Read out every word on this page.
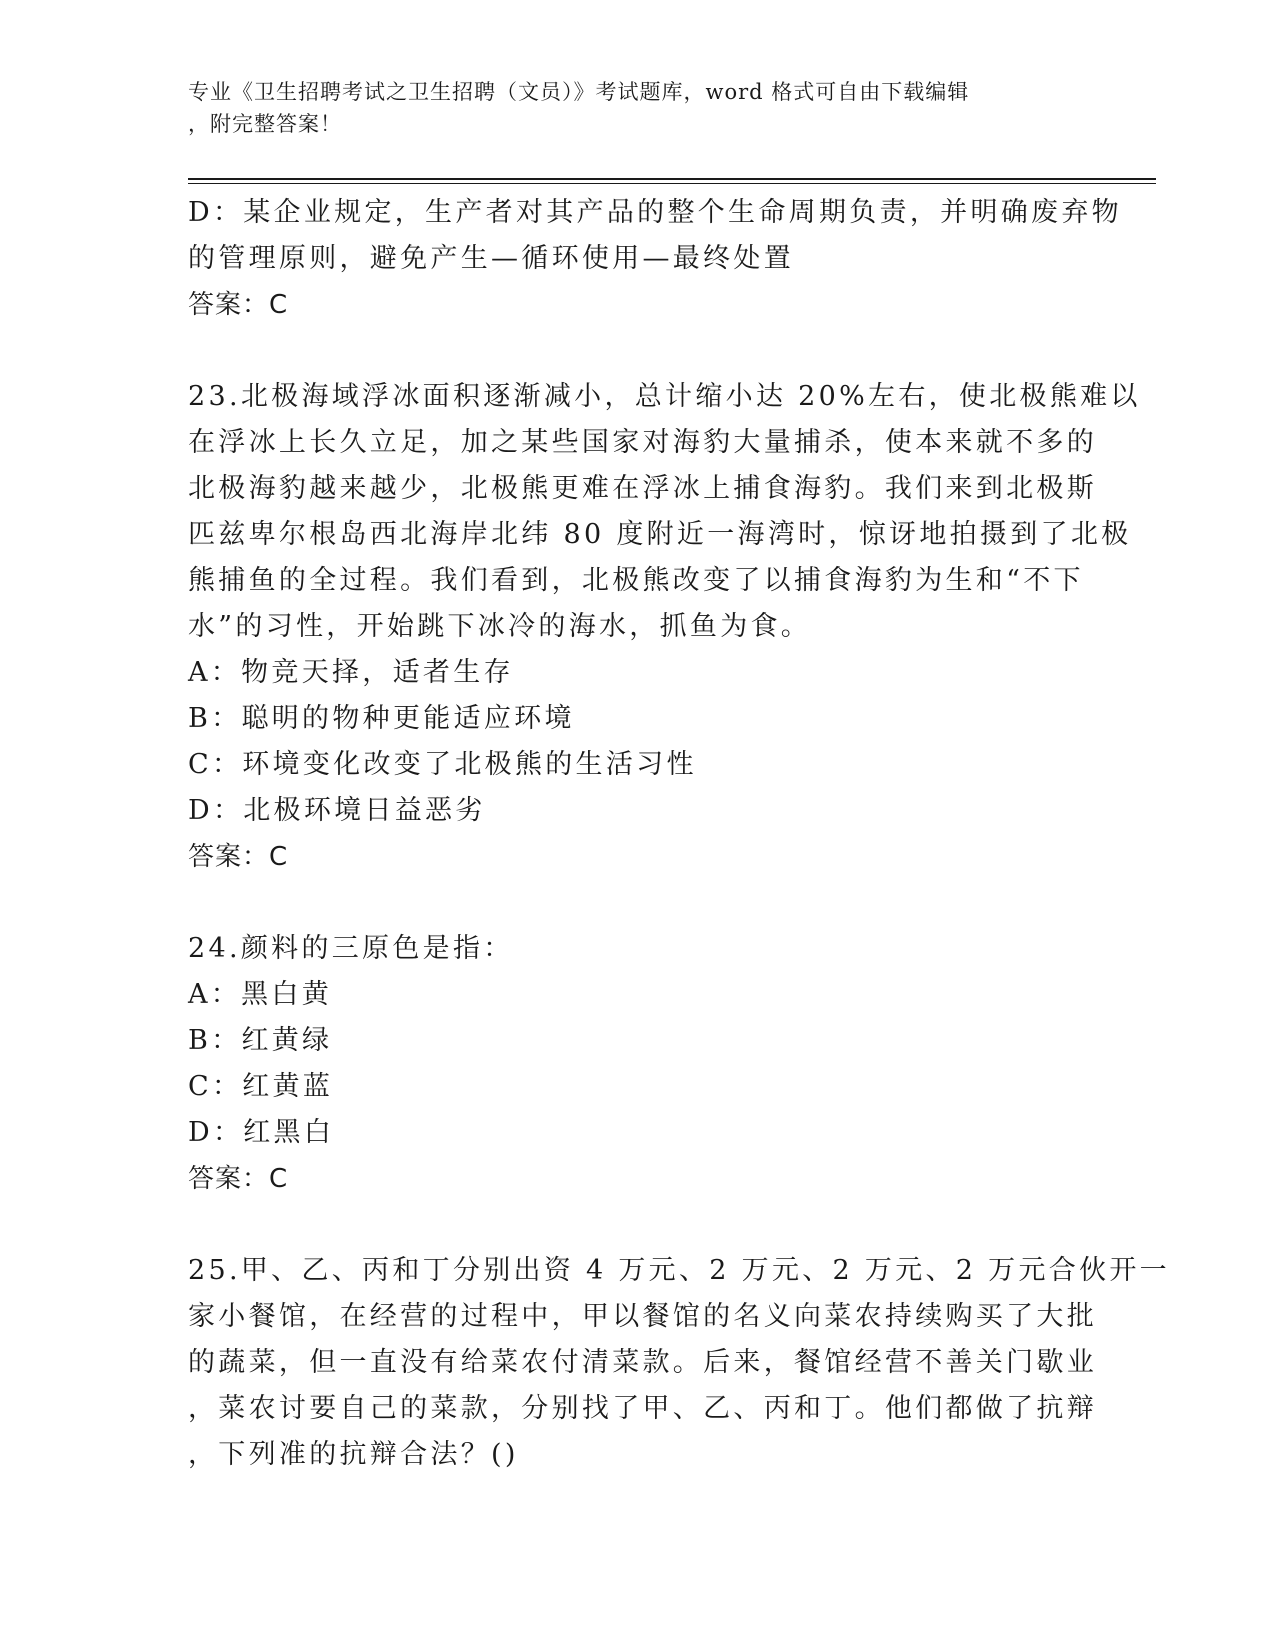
专业《卫生招聘考试之卫生招聘（文员）》考试题库，word 格式可自由下载编辑
，附完整答案！
D：某企业规定，生产者对其产品的整个生命周期负责，并明确废弃物
的管理原则，避免产生—循环使用—最终处置
答案：C
23.北极海域浮冰面积逐渐减小，总计缩小达 20%左右，使北极熊难以
在浮冰上长久立足，加之某些国家对海豹大量捕杀，使本来就不多的
北极海豹越来越少，北极熊更难在浮冰上捕食海豹。我们来到北极斯
匹兹卑尔根岛西北海岸北纬 80 度附近一海湾时，惊讶地拍摄到了北极
熊捕鱼的全过程。我们看到，北极熊改变了以捕食海豹为生和“不下
水”的习性，开始跳下冰冷的海水，抓鱼为食。
A：物竞天择，适者生存
B：聪明的物种更能适应环境
C：环境变化改变了北极熊的生活习性
D：北极环境日益恶劣
答案：C
24.颜料的三原色是指：
A：黑白黄
B：红黄绿
C：红黄蓝
D：红黑白
答案：C
25.甲、乙、丙和丁分别出资 4 万元、2 万元、2 万元、2 万元合伙开一
家小餐馆，在经营的过程中，甲以餐馆的名义向菜农持续购买了大批
的蔬菜，但一直没有给菜农付清菜款。后来，餐馆经营不善关门歇业
，菜农讨要自己的菜款，分别找了甲、乙、丙和丁。他们都做了抗辩
，下列准的抗辩合法？()
